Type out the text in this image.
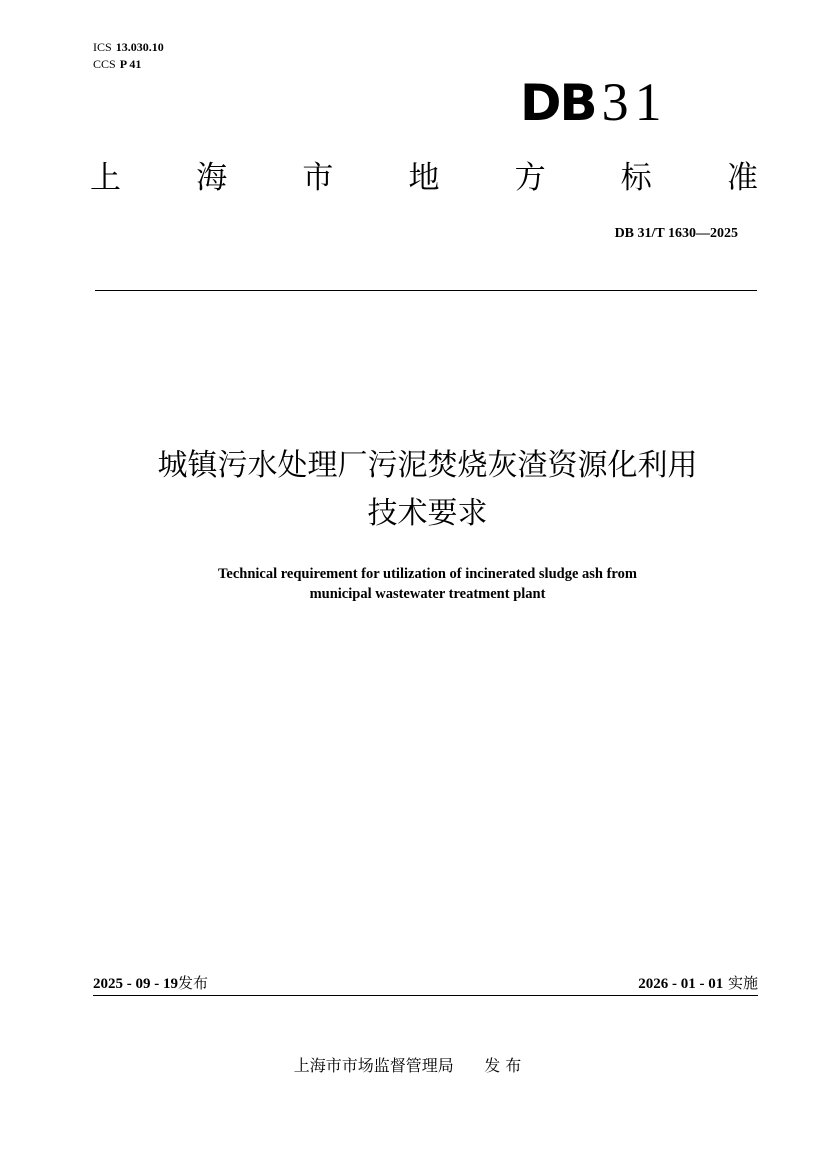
ICS 13.030.10
CCS P 41
DB 31
上 海 市 地 方 标 准
DB 31/T 1630—2025
城镇污水处理厂污泥焚烧灰渣资源化利用
技术要求
Technical requirement for utilization of incinerated sludge ash from
municipal wastewater treatment plant
2025 - 09 - 19发布	2026 - 01 - 01 实施
上海市市场监督管理局 发 布
